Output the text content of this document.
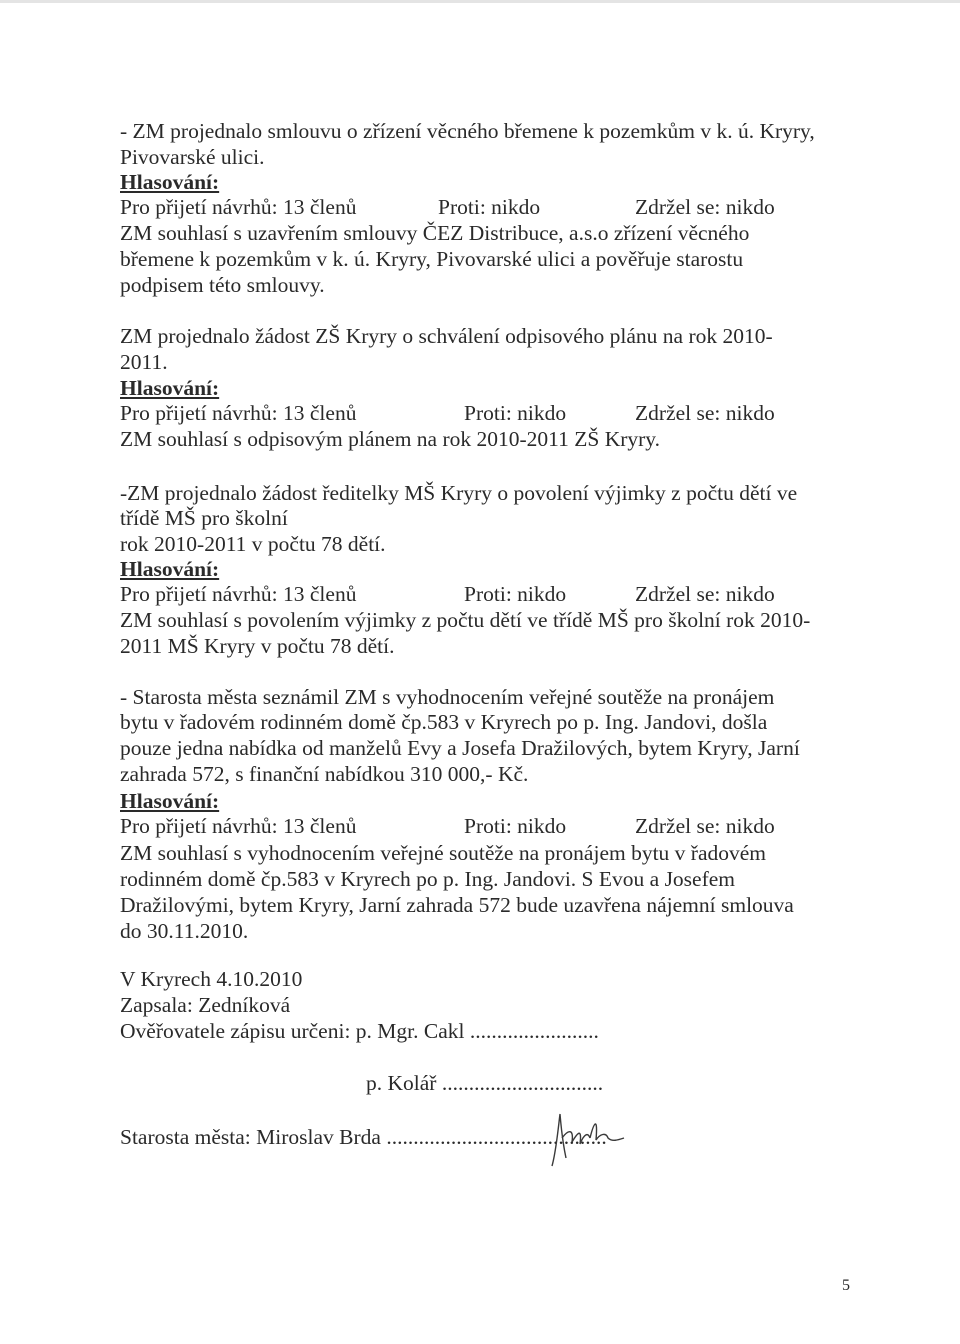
- ZM projednalo smlouvu o zřízení věcného břemene k pozemkům v k. ú. Kryry,
Pivovarské ulici.
Hlasování:
Pro přijetí návrhů: 13 členů	Proti: nikdo	Zdržel se: nikdo
ZM souhlasí s uzavřením smlouvy ČEZ Distribuce, a.s.o zřízení věcného
břemene k pozemkům v k. ú. Kryry, Pivovarské ulici a pověřuje starostu
podpisem této smlouvy.
ZM projednalo žádost ZŠ Kryry o schválení odpisového plánu na rok 2010-
2011.
Hlasování:
Pro přijetí návrhů: 13 členů	Proti: nikdo	Zdržel se: nikdo
ZM souhlasí s odpisovým plánem na rok 2010-2011 ZŠ Kryry.
-ZM projednalo žádost ředitelky MŠ Kryry o povolení výjimky z počtu dětí ve
třídě MŠ pro školní
rok 2010-2011 v počtu 78 dětí.
Hlasování:
Pro přijetí návrhů: 13 členů	Proti: nikdo	Zdržel se: nikdo
ZM souhlasí s povolením výjimky z počtu dětí ve třídě MŠ pro školní rok 2010-
2011 MŠ Kryry v počtu 78 dětí.
- Starosta města seznámil ZM s vyhodnocením veřejné soutěže na pronájem
bytu v řadovém rodinném domě čp.583 v Kryrech po p. Ing. Jandovi, došla
pouze jedna nabídka od manželů Evy a Josefa Dražilových, bytem Kryry, Jarní
zahrada 572, s finanční nabídkou 310 000,- Kč.
Hlasování:
Pro přijetí návrhů: 13 členů	Proti: nikdo	Zdržel se: nikdo
ZM souhlasí s vyhodnocením veřejné soutěže na pronájem bytu v řadovém
rodinném domě čp.583 v Kryrech po p. Ing. Jandovi. S Evou a Josefem
Dražilovými, bytem Kryry, Jarní zahrada 572 bude uzavřena nájemní smlouva
do 30.11.2010.
V Kryrech 4.10.2010
Zapsala: Zedníková
Ověřovatele zápisu určeni: p. Mgr. Cakl ........................
p. Kolář ..............................
Starosta města: Miroslav Brda .........................................
5
